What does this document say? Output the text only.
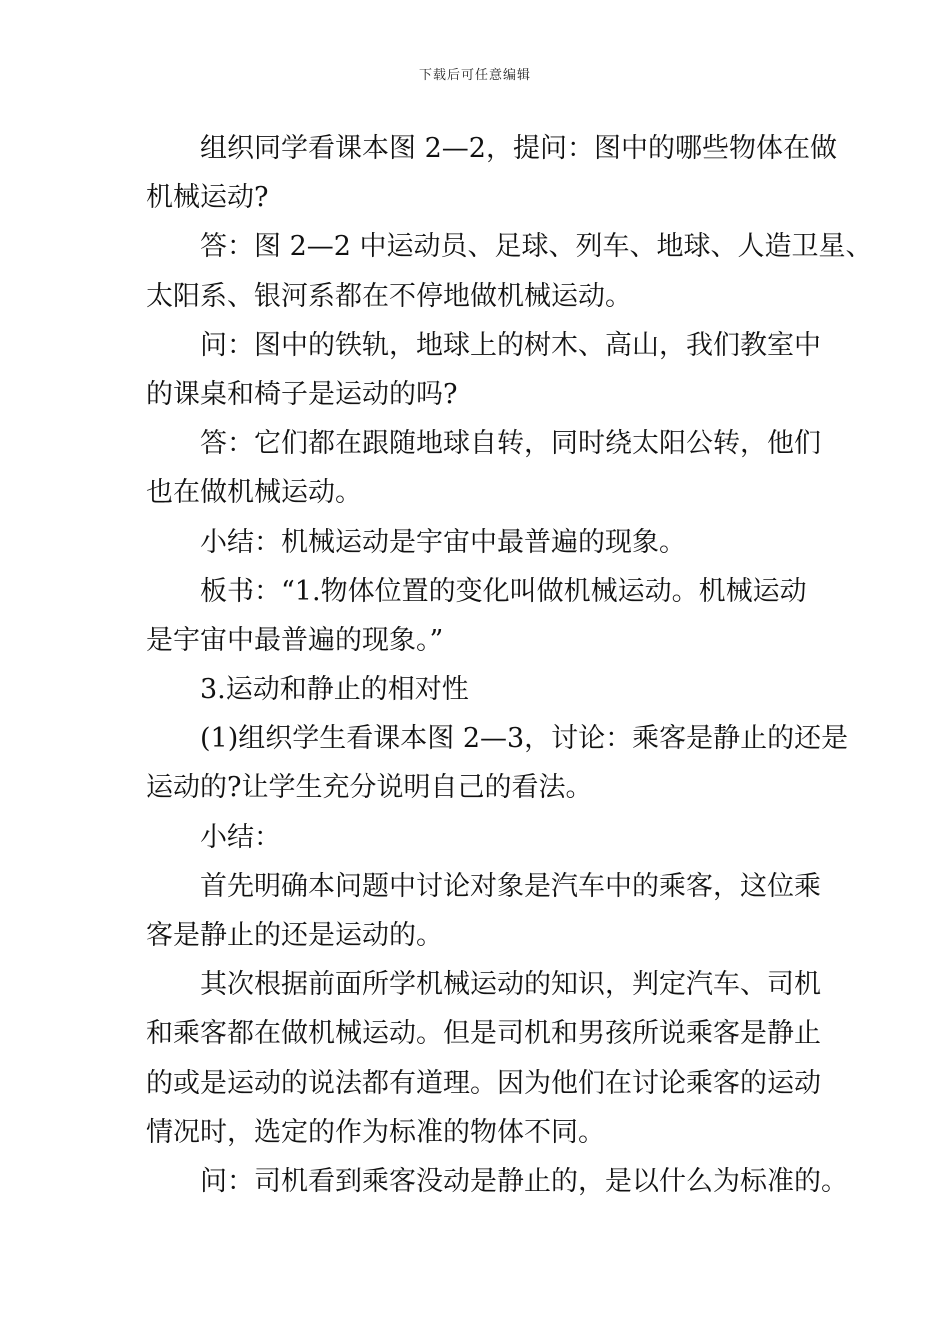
下载后可任意编辑
组织同学看课本图 2—2，提问：图中的哪些物体在做
机械运动?
答：图 2—2 中运动员、足球、列车、地球、人造卫星、
太阳系、银河系都在不停地做机械运动。
问：图中的铁轨，地球上的树木、高山，我们教室中
的课桌和椅子是运动的吗?
答：它们都在跟随地球自转，同时绕太阳公转，他们
也在做机械运动。
小结：机械运动是宇宙中最普遍的现象。
板书：“1.物体位置的变化叫做机械运动。机械运动
是宇宙中最普遍的现象。”
3.运动和静止的相对性
(1)组织学生看课本图 2—3，讨论：乘客是静止的还是
运动的?让学生充分说明自己的看法。
小结：
首先明确本问题中讨论对象是汽车中的乘客，这位乘
客是静止的还是运动的。
其次根据前面所学机械运动的知识，判定汽车、司机
和乘客都在做机械运动。但是司机和男孩所说乘客是静止
的或是运动的说法都有道理。因为他们在讨论乘客的运动
情况时，选定的作为标准的物体不同。
问：司机看到乘客没动是静止的，是以什么为标准的。
